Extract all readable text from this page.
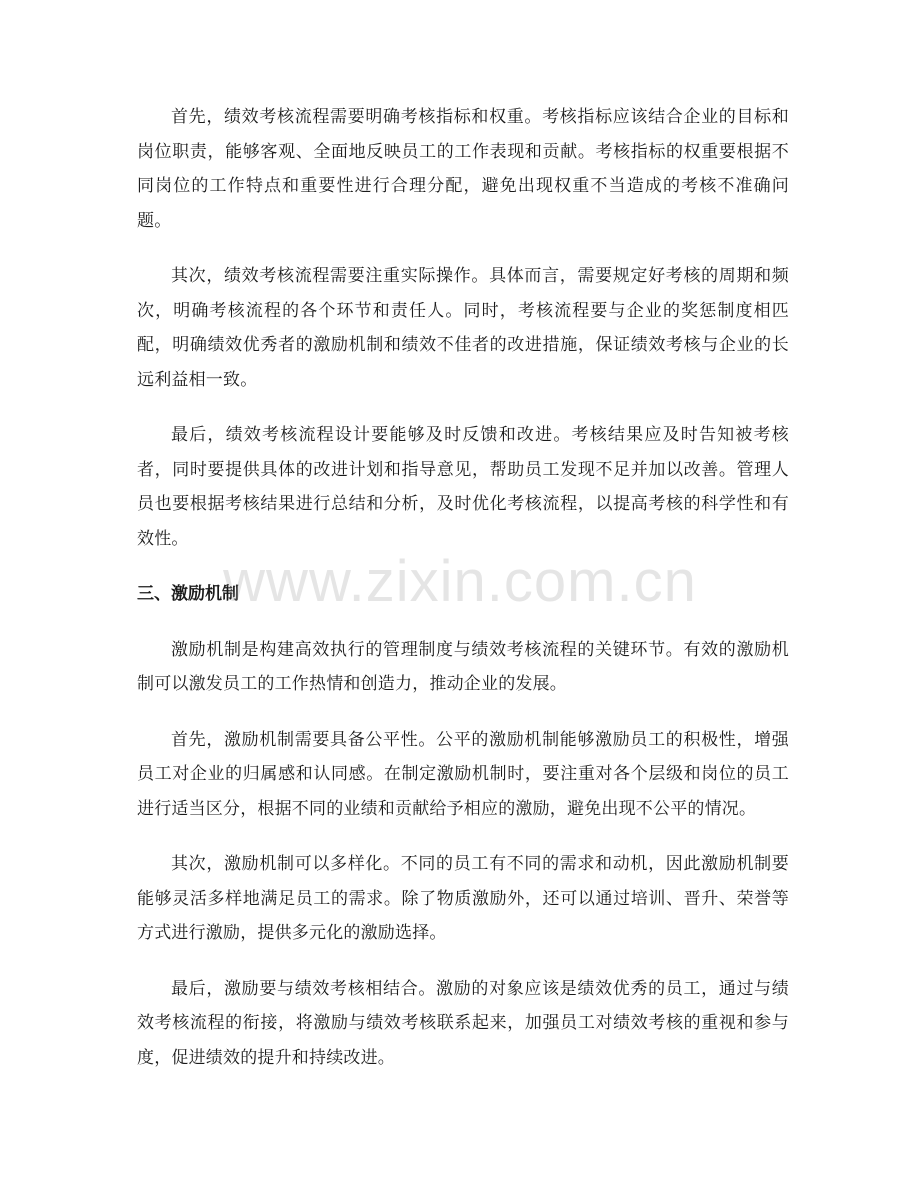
首先，绩效考核流程需要明确考核指标和权重。考核指标应该结合企业的目标和岗位职责，能够客观、全面地反映员工的工作表现和贡献。考核指标的权重要根据不同岗位的工作特点和重要性进行合理分配，避免出现权重不当造成的考核不准确问题。

其次，绩效考核流程需要注重实际操作。具体而言，需要规定好考核的周期和频次，明确考核流程的各个环节和责任人。同时，考核流程要与企业的奖惩制度相匹配，明确绩效优秀者的激励机制和绩效不佳者的改进措施，保证绩效考核与企业的长远利益相一致。

最后，绩效考核流程设计要能够及时反馈和改进。考核结果应及时告知被考核者，同时要提供具体的改进计划和指导意见，帮助员工发现不足并加以改善。管理人员也要根据考核结果进行总结和分析，及时优化考核流程，以提高考核的科学性和有效性。

三、激励机制

激励机制是构建高效执行的管理制度与绩效考核流程的关键环节。有效的激励机制可以激发员工的工作热情和创造力，推动企业的发展。

首先，激励机制需要具备公平性。公平的激励机制能够激励员工的积极性，增强员工对企业的归属感和认同感。在制定激励机制时，要注重对各个层级和岗位的员工进行适当区分，根据不同的业绩和贡献给予相应的激励，避免出现不公平的情况。

其次，激励机制可以多样化。不同的员工有不同的需求和动机，因此激励机制要能够灵活多样地满足员工的需求。除了物质激励外，还可以通过培训、晋升、荣誉等方式进行激励，提供多元化的激励选择。

最后，激励要与绩效考核相结合。激励的对象应该是绩效优秀的员工，通过与绩效考核流程的衔接，将激励与绩效考核联系起来，加强员工对绩效考核的重视和参与度，促进绩效的提升和持续改进。

www.zixin.com.cn
